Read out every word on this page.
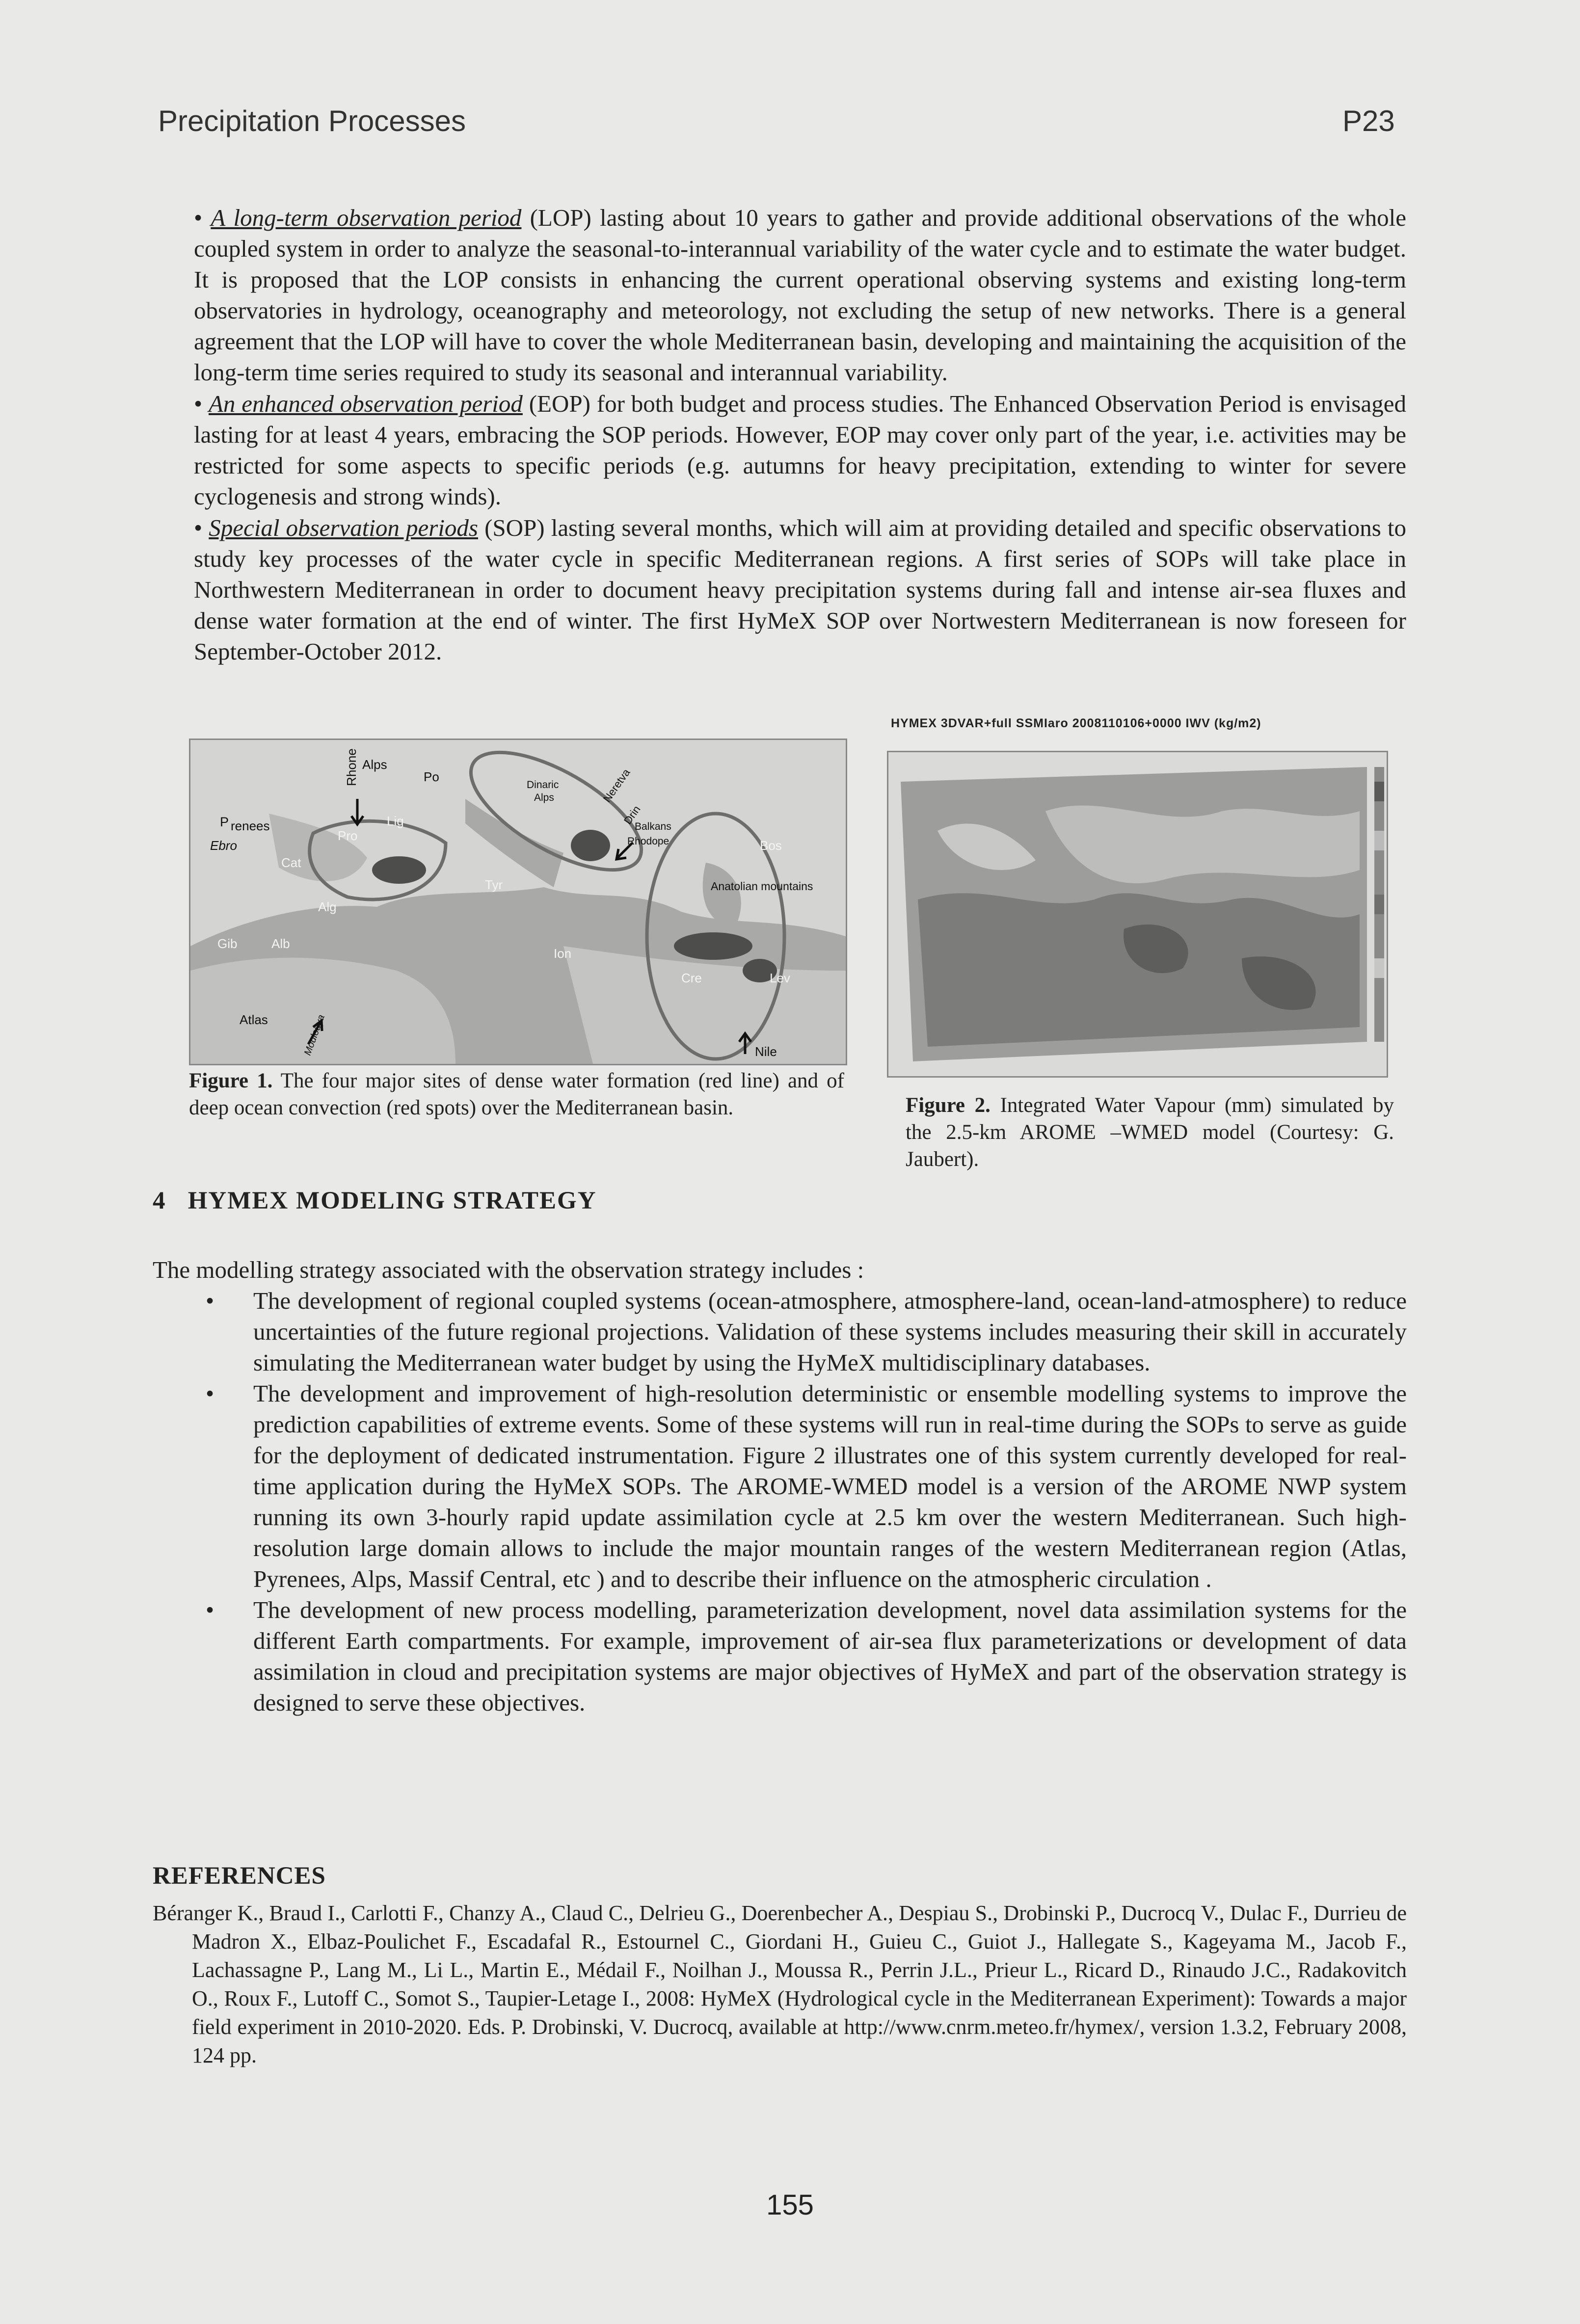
Precipitation Processes	P23

• A long-term observation period (LOP) lasting about 10 years to gather and provide additional observations of the whole coupled system in order to analyze the seasonal-to-interannual variability of the water cycle and to estimate the water budget. It is proposed that the LOP consists in enhancing the current operational observing systems and existing long-term observatories in hydrology, oceanography and meteorology, not excluding the setup of new networks. There is a general agreement that the LOP will have to cover the whole Mediterranean basin, developing and maintaining the acquisition of the long-term time series required to study its seasonal and interannual variability.

• An enhanced observation period (EOP) for both budget and process studies. The Enhanced Observation Period is envisaged lasting for at least 4 years, embracing the SOP periods. However, EOP may cover only part of the year, i.e. activities may be restricted for some aspects to specific periods (e.g. autumns for heavy precipitation, extending to winter for severe cyclogenesis and strong winds).

• Special observation periods (SOP) lasting several months, which will aim at providing detailed and specific observations to study key processes of the water cycle in specific Mediterranean regions. A first series of SOPs will take place in Northwestern Mediterranean in order to document heavy precipitation systems during fall and intense air-sea fluxes and dense water formation at the end of winter. The first HyMeX SOP over Nortwestern Mediterranean is now foreseen for September-October 2012.

Alps
Rhone	Po
Dinaric
Alps	Neretva
Drin
Balkans
Rhodope
P renees
Ebro
Pro
Lig
Cat
Bos
Tyr	Anatolian mountains
Alg
Gib	Alb
Ion
Cre	Lev
Atlas	Moulouya	Nile
Figure 1. The four major sites of dense water formation (red line) and of deep ocean convection (red spots) over the Mediterranean basin.
HYMEX 3DVAR+full SSMIaro 2008110106+0000 IWV (kg/m2)
Figure 2. Integrated Water Vapour (mm) simulated by the 2.5-km AROME –WMED model (Courtesy: G. Jaubert).
4 HYMEX MODELING STRATEGY
The modelling strategy associated with the observation strategy includes :
• The development of regional coupled systems (ocean-atmosphere, atmosphere-land, ocean-land-atmosphere) to reduce uncertainties of the future regional projections. Validation of these systems includes measuring their skill in accurately simulating the Mediterranean water budget by using the HyMeX multidisciplinary databases.
• The development and improvement of high-resolution deterministic or ensemble modelling systems to improve the prediction capabilities of extreme events. Some of these systems will run in real-time during the SOPs to serve as guide for the deployment of dedicated instrumentation. Figure 2 illustrates one of this system currently developed for real-time application during the HyMeX SOPs. The AROME-WMED model is a version of the AROME NWP system running its own 3-hourly rapid update assimilation cycle at 2.5 km over the western Mediterranean. Such high-resolution large domain allows to include the major mountain ranges of the western Mediterranean region (Atlas, Pyrenees, Alps, Massif Central, etc ) and to describe their influence on the atmospheric circulation .
• The development of new process modelling, parameterization development, novel data assimilation systems for the different Earth compartments. For example, improvement of air-sea flux parameterizations or development of data assimilation in cloud and precipitation systems are major objectives of HyMeX and part of the observation strategy is designed to serve these objectives.
REFERENCES
Béranger K., Braud I., Carlotti F., Chanzy A., Claud C., Delrieu G., Doerenbecher A., Despiau S., Drobinski P., Ducrocq V., Dulac F., Durrieu de Madron X., Elbaz-Poulichet F., Escadafal R., Estournel C., Giordani H., Guieu C., Guiot J., Hallegate S., Kageyama M., Jacob F., Lachassagne P., Lang M., Li L., Martin E., Médail F., Noilhan J., Moussa R., Perrin J.L., Prieur L., Ricard D., Rinaudo J.C., Radakovitch O., Roux F., Lutoff C., Somot S., Taupier-Letage I., 2008: HyMeX (Hydrological cycle in the Mediterranean Experiment): Towards a major field experiment in 2010-2020. Eds. P. Drobinski, V. Ducrocq, available at http://www.cnrm.meteo.fr/hymex/, version 1.3.2, February 2008, 124 pp.
155
